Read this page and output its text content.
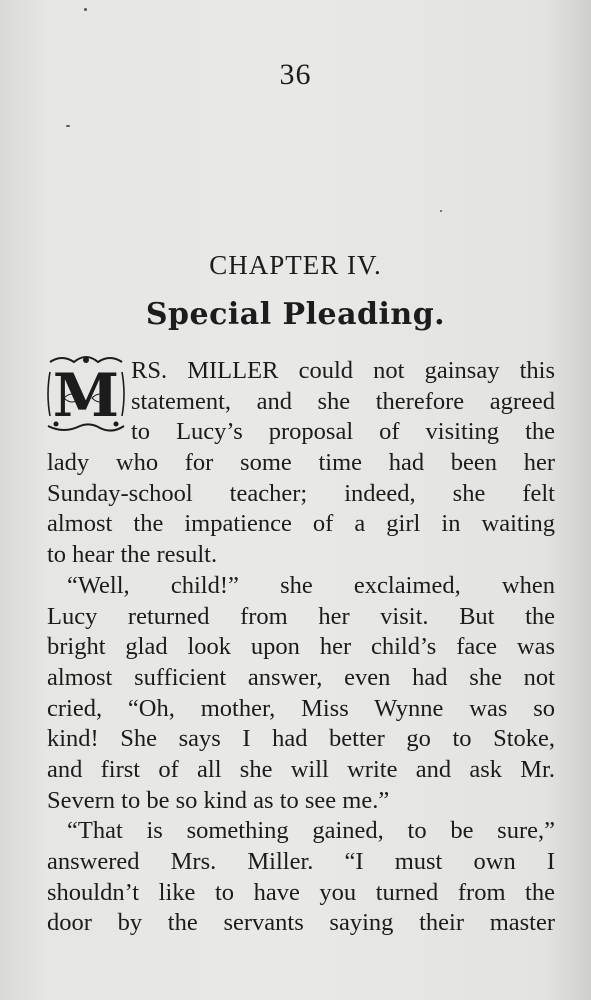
36
CHAPTER IV.
Special Pleading.
M RS. MILLER could not gainsay this
statement, and she therefore agreed
to Lucy’s proposal of visiting the
lady who for some time had been her
Sunday-school teacher; indeed, she felt
almost the impatience of a girl in waiting
to hear the result.
“Well, child!” she exclaimed, when
Lucy returned from her visit. But the
bright glad look upon her child’s face was
almost sufficient answer, even had she not
cried, “Oh, mother, Miss Wynne was so
kind! She says I had better go to Stoke,
and first of all she will write and ask Mr.
Severn to be so kind as to see me.”
“That is something gained, to be sure,”
answered Mrs. Miller. “I must own I
shouldn’t like to have you turned from the
door by the servants saying their master
